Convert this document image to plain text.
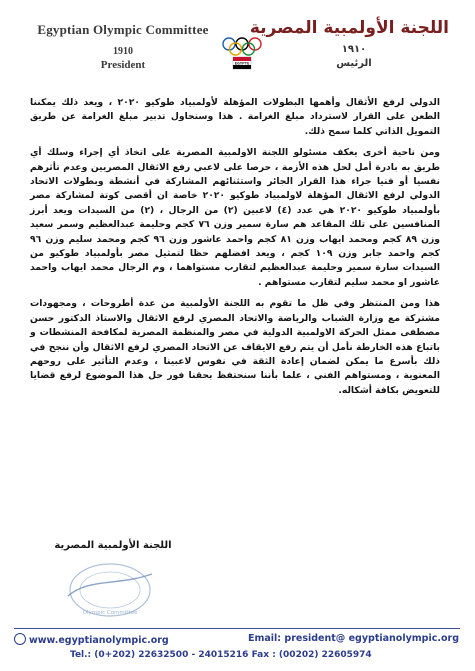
Egyptian Olympic Committee
1910
President	EGYPTE
اللجنة الأولمبية المصرية
١٩١٠
الرئيس

الدولي لرفع الأثقال وأهمها البطولات المؤهلة لأولمبياد طوكيو ٢٠٢٠ ، ويعد ذلك يمكننا الطعن على القرار لاسترداد مبلغ الغرامة . هذا وسنحاول تدبير مبلغ الغرامة عن طريق التمويل الذاتي كلما سمح ذلك.

ومن ناحية أخرى يعكف مسئولو اللجنة الاولمبية المصرية على اتخاذ أي إجراء وسلك أي طريق به بادرة أمل لحل هذه الأزمة ، حرصا على لاعبي رفع الاثقال المصريين وعدم تأثرهم نفسيا أو فنيا جراء هذا القرار الجائر واستثنائهم المشاركة في أنشطة وبطولات الاتحاد الدولي لرفع الاثقال المؤهلة لاولمبياد طوكيو ٢٠٢٠ خاصة ان أقصى كوتة لمشاركة مصر بأولمبياد طوكيو ٢٠٢٠ هي عدد (٤) لاعبين (٢) من الرجال ، (٢) من السيدات ويعد أبرز المنافسين على تلك المقاعد هم سارة سمير وزن ٧٦ كجم وحليمة عبدالعظيم وسمر سعيد وزن ٨٩ كجم ومحمد ايهاب وزن ٨١ كجم واحمد عاشور وزن ٩٦ كجم ومحمد سليم وزن ٩٦ كجم واحمد جابر وزن ١٠٩ كجم ، ويعد افضلهم حظا لتمثيل مصر بأولمبياد طوكيو من السيدات سارة سمير وحليمة عبدالعظيم لتقارب مستواهما ، وم الرجال محمد ايهاب واحمد عاشور او محمد سليم لتقارب مستواهم .

هذا ومن المنتظر وفي ظل ما تقوم به اللجنة الأولمبية من عدة أطروحات ، ومجهودات مشتركة مع وزارة الشباب والرياضة والاتحاد المصري لرفع الاثقال والاستاذ الدكتور حسن مصطفى ممثل الحركة الاولمبية الدولية في مصر والمنظمة المصرية لمكافحة المنشطات و باتباع هذه الخارطة نأمل أن يتم رفع الايقاف عن الاتحاد المصري لرفع الاثقال وأن ننجح في ذلك بأسرع ما يمكن لضمان إعادة الثقة في نفوس لاعبينا ، وعدم التأثير على روحهم المعنوية ، ومستواهم الفني ، علما بأننا سنحتفظ بحقنا فور حل هذا الموضوع لرفع قضايا للتعويض بكافة أشكاله.

اللجنة الأولمبية المصرية
Olympic Committee
www.egyptianolympic.org	Email: president@ egyptianolympic.org
Tel.: (0+202) 22632500 - 24015216 Fax : (00202) 22605974
